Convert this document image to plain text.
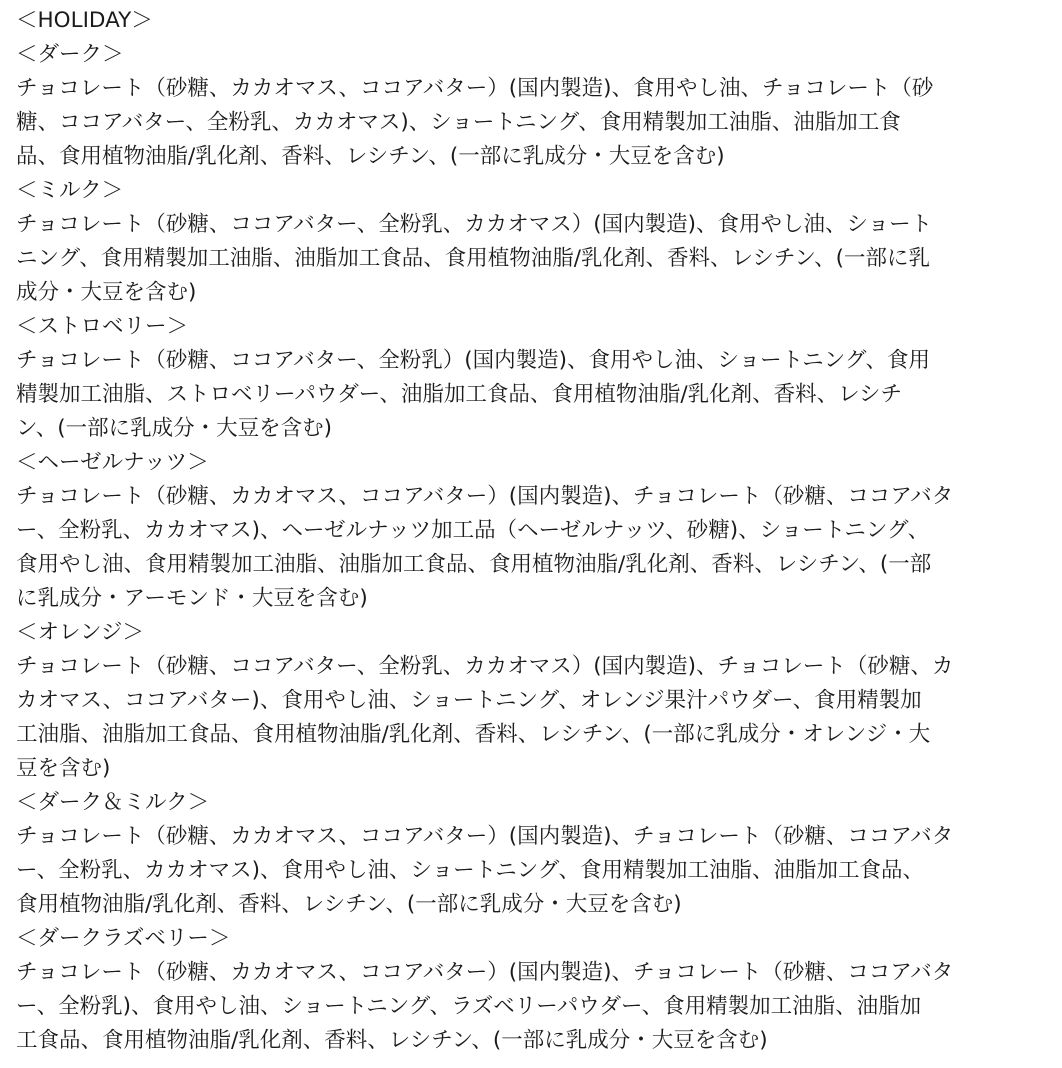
＜HOLIDAY＞
＜ダーク＞
チョコレート（砂糖、カカオマス、ココアバター）(国内製造)、食用やし油、チョコレート（砂
糖、ココアバター、全粉乳、カカオマス)、ショートニング、食用精製加工油脂、油脂加工食
品、食用植物油脂/乳化剤、香料、レシチン、(一部に乳成分・大豆を含む)
＜ミルク＞
チョコレート（砂糖、ココアバター、全粉乳、カカオマス）(国内製造)、食用やし油、ショート
ニング、食用精製加工油脂、油脂加工食品、食用植物油脂/乳化剤、香料、レシチン、(一部に乳
成分・大豆を含む)
＜ストロベリー＞
チョコレート（砂糖、ココアバター、全粉乳）(国内製造)、食用やし油、ショートニング、食用
精製加工油脂、ストロベリーパウダー、油脂加工食品、食用植物油脂/乳化剤、香料、レシチ
ン、(一部に乳成分・大豆を含む)
＜ヘーゼルナッツ＞
チョコレート（砂糖、カカオマス、ココアバター）(国内製造)、チョコレート（砂糖、ココアバタ
ー、全粉乳、カカオマス)、ヘーゼルナッツ加工品（ヘーゼルナッツ、砂糖)、ショートニング、
食用やし油、食用精製加工油脂、油脂加工食品、食用植物油脂/乳化剤、香料、レシチン、(一部
に乳成分・アーモンド・大豆を含む)
＜オレンジ＞
チョコレート（砂糖、ココアバター、全粉乳、カカオマス）(国内製造)、チョコレート（砂糖、カ
カオマス、ココアバター)、食用やし油、ショートニング、オレンジ果汁パウダー、食用精製加
工油脂、油脂加工食品、食用植物油脂/乳化剤、香料、レシチン、(一部に乳成分・オレンジ・大
豆を含む)
＜ダーク＆ミルク＞
チョコレート（砂糖、カカオマス、ココアバター）(国内製造)、チョコレート（砂糖、ココアバタ
ー、全粉乳、カカオマス)、食用やし油、ショートニング、食用精製加工油脂、油脂加工食品、
食用植物油脂/乳化剤、香料、レシチン、(一部に乳成分・大豆を含む)
＜ダークラズベリー＞
チョコレート（砂糖、カカオマス、ココアバター）(国内製造)、チョコレート（砂糖、ココアバタ
ー、全粉乳)、食用やし油、ショートニング、ラズベリーパウダー、食用精製加工油脂、油脂加
工食品、食用植物油脂/乳化剤、香料、レシチン、(一部に乳成分・大豆を含む)
